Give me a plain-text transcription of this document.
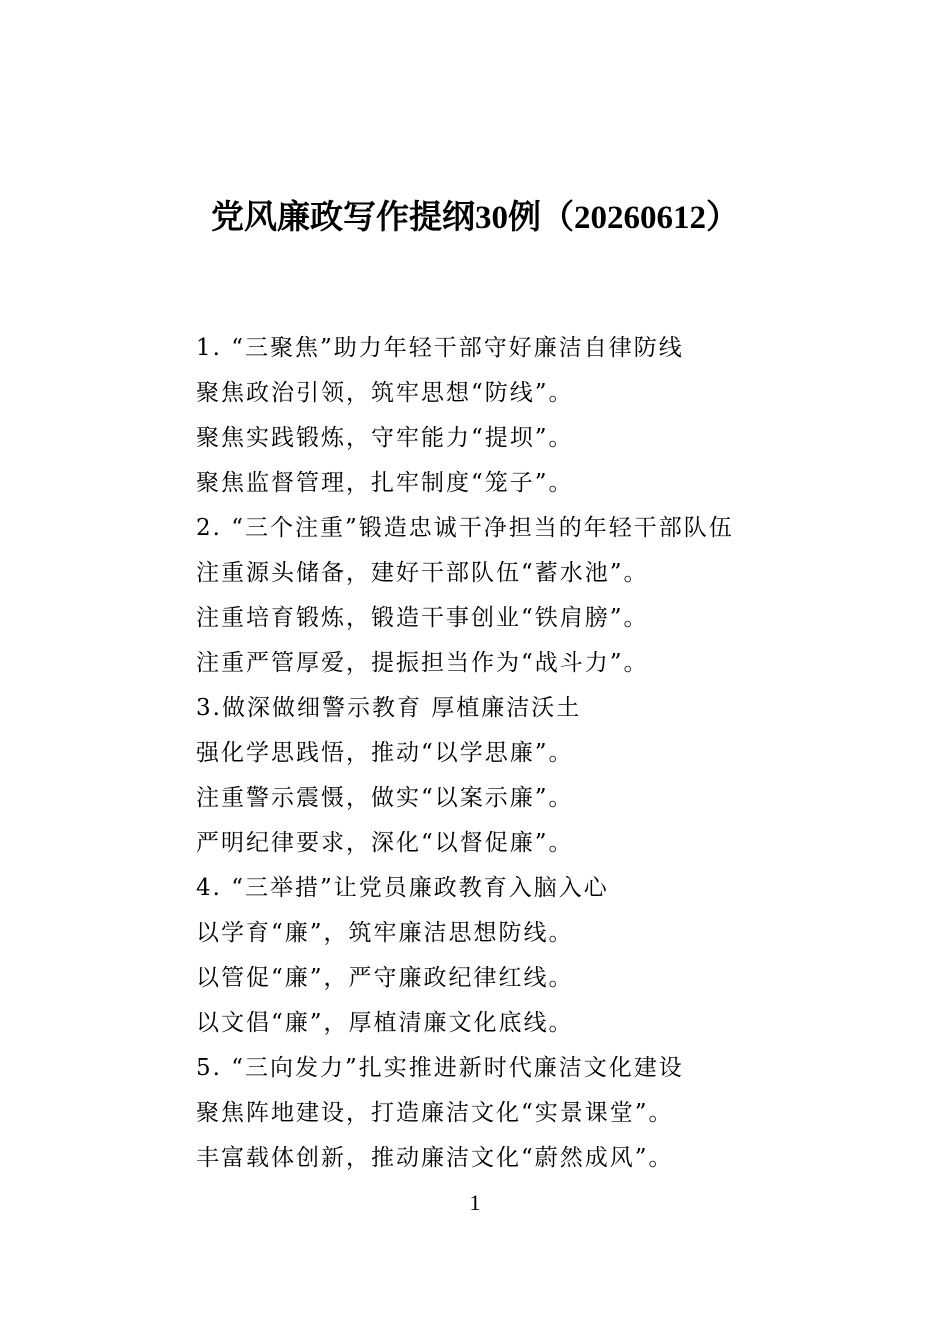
党风廉政写作提纲30例（20260612）
1. “三聚焦”助力年轻干部守好廉洁自律防线
聚焦政治引领，筑牢思想“防线”。
聚焦实践锻炼，守牢能力“提坝”。
聚焦监督管理，扎牢制度“笼子”。
2. “三个注重”锻造忠诚干净担当的年轻干部队伍
注重源头储备，建好干部队伍“蓄水池”。
注重培育锻炼，锻造干事创业“铁肩膀”。
注重严管厚爱，提振担当作为“战斗力”。
3.做深做细警示教育 厚植廉洁沃土
强化学思践悟，推动“以学思廉”。
注重警示震慑，做实“以案示廉”。
严明纪律要求，深化“以督促廉”。
4. “三举措”让党员廉政教育入脑入心
以学育“廉”，筑牢廉洁思想防线。
以管促“廉”，严守廉政纪律红线。
以文倡“廉”，厚植清廉文化底线。
5. “三向发力”扎实推进新时代廉洁文化建设
聚焦阵地建设，打造廉洁文化“实景课堂”。
丰富载体创新，推动廉洁文化“蔚然成风”。
1
